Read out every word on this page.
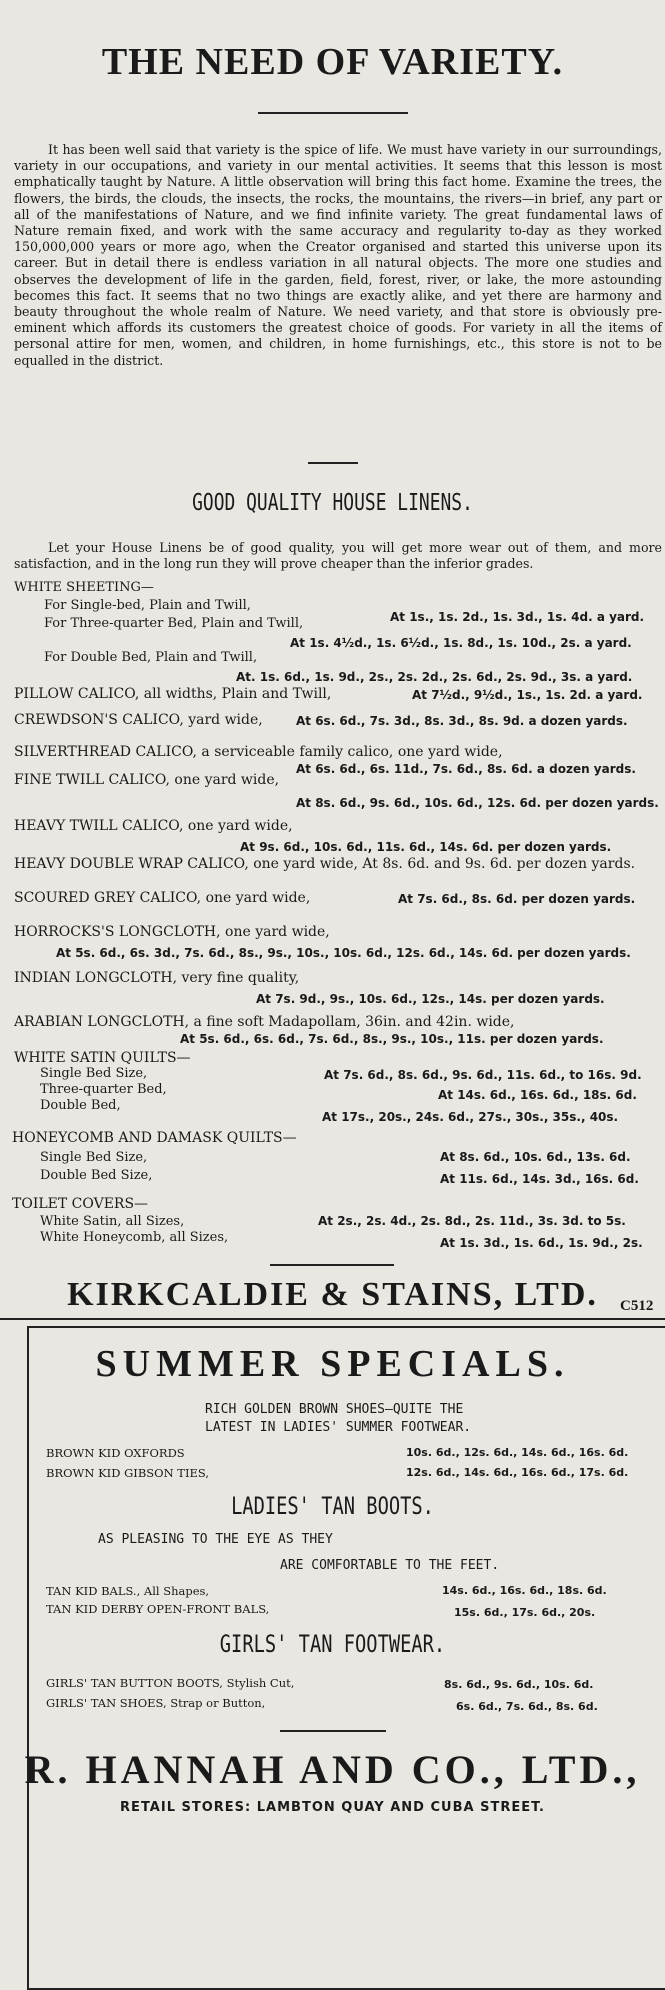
THE NEED OF VARIETY.

It has been well said that variety is the spice of life. We must have variety in our surroundings, variety in our occupations, and variety in our mental activities. It seems that this lesson is most emphatically taught by Nature. A little observation will bring this fact home. Examine the trees, the flowers, the birds, the clouds, the insects, the rocks, the mountains, the rivers—in brief, any part or all of the manifestations of Nature, and we find infinite variety. The great fundamental laws of Nature remain fixed, and work with the same accuracy and regularity to-day as they worked 150,000,000 years or more ago, when the Creator organised and started this universe upon its career. But in detail there is endless variation in all natural objects. The more one studies and observes the development of life in the garden, field, forest, river, or lake, the more astounding becomes this fact. It seems that no two things are exactly alike, and yet there are harmony and beauty throughout the whole realm of Nature. We need variety, and that store is obviously pre-eminent which affords its customers the greatest choice of goods. For variety in all the items of personal attire for men, women, and children, in home furnishings, etc., this store is not to be equalled in the district.

GOOD QUALITY HOUSE LINENS.

Let your House Linens be of good quality, you will get more wear out of them, and more satisfaction, and in the long run they will prove cheaper than the inferior grades.

WHITE SHEETING—
For Single-bed, Plain and Twill,
At 1s., 1s. 2d., 1s. 3d., 1s. 4d. a yard.
For Three-quarter Bed, Plain and Twill,
At 1s. 4½d., 1s. 6½d., 1s. 8d., 1s. 10d., 2s. a yard.
For Double Bed, Plain and Twill,
At. 1s. 6d., 1s. 9d., 2s., 2s. 2d., 2s. 6d., 2s. 9d., 3s. a yard.
PILLOW CALICO, all widths, Plain and Twill,	At 7½d., 9½d., 1s., 1s. 2d. a yard.
CREWDSON'S CALICO, yard wide,	At 6s. 6d., 7s. 3d., 8s. 3d., 8s. 9d. a dozen yards.
SILVERTHREAD CALICO, a serviceable family calico, one yard wide,
At 6s. 6d., 6s. 11d., 7s. 6d., 8s. 6d. a dozen yards.
FINE TWILL CALICO, one yard wide,
At 8s. 6d., 9s. 6d., 10s. 6d., 12s. 6d. per dozen yards.
HEAVY TWILL CALICO, one yard wide,
At 9s. 6d., 10s. 6d., 11s. 6d., 14s. 6d. per dozen yards.
HEAVY DOUBLE WRAP CALICO, one yard wide, At 8s. 6d. and 9s. 6d. per dozen yards.
SCOURED GREY CALICO, one yard wide,	At 7s. 6d., 8s. 6d. per dozen yards.
HORROCKS'S LONGCLOTH, one yard wide,
At 5s. 6d., 6s. 3d., 7s. 6d., 8s., 9s., 10s., 10s. 6d., 12s. 6d., 14s. 6d. per dozen yards.
INDIAN LONGCLOTH, very fine quality,
At 7s. 9d., 9s., 10s. 6d., 12s., 14s. per dozen yards.
ARABIAN LONGCLOTH, a fine soft Madapollam, 36in. and 42in. wide,
At 5s. 6d., 6s. 6d., 7s. 6d., 8s., 9s., 10s., 11s. per dozen yards.
WHITE SATIN QUILTS—
Single Bed Size,	At 7s. 6d., 8s. 6d., 9s. 6d., 11s. 6d., to 16s. 9d.
Three-quarter Bed,	At 14s. 6d., 16s. 6d., 18s. 6d.
Double Bed,
At 17s., 20s., 24s. 6d., 27s., 30s., 35s., 40s.
HONEYCOMB AND DAMASK QUILTS—
Single Bed Size,	At 8s. 6d., 10s. 6d., 13s. 6d.
Double Bed Size,	At 11s. 6d., 14s. 3d., 16s. 6d.
TOILET COVERS—
White Satin, all Sizes,	At 2s., 2s. 4d., 2s. 8d., 2s. 11d., 3s. 3d. to 5s.
White Honeycomb, all Sizes,	At 1s. 3d., 1s. 6d., 1s. 9d., 2s.
KIRKCALDIE & STAINS, LTD.	C512
SUMMER SPECIALS.
RICH GOLDEN BROWN SHOES—QUITE THE
LATEST IN LADIES' SUMMER FOOTWEAR.
BROWN KID OXFORDS	10s. 6d., 12s. 6d., 14s. 6d., 16s. 6d.
BROWN KID GIBSON TIES,	12s. 6d., 14s. 6d., 16s. 6d., 17s. 6d.
LADIES' TAN BOOTS.
AS PLEASING TO THE EYE AS THEY
ARE COMFORTABLE TO THE FEET.
TAN KID BALS., All Shapes,	14s. 6d., 16s. 6d., 18s. 6d.
TAN KID DERBY OPEN-FRONT BALS,	15s. 6d., 17s. 6d., 20s.
GIRLS' TAN FOOTWEAR.
GIRLS' TAN BUTTON BOOTS, Stylish Cut,	8s. 6d., 9s. 6d., 10s. 6d.
GIRLS' TAN SHOES, Strap or Button,	6s. 6d., 7s. 6d., 8s. 6d.
R. HANNAH AND CO., LTD.,
RETAIL STORES: LAMBTON QUAY AND CUBA STREET.
